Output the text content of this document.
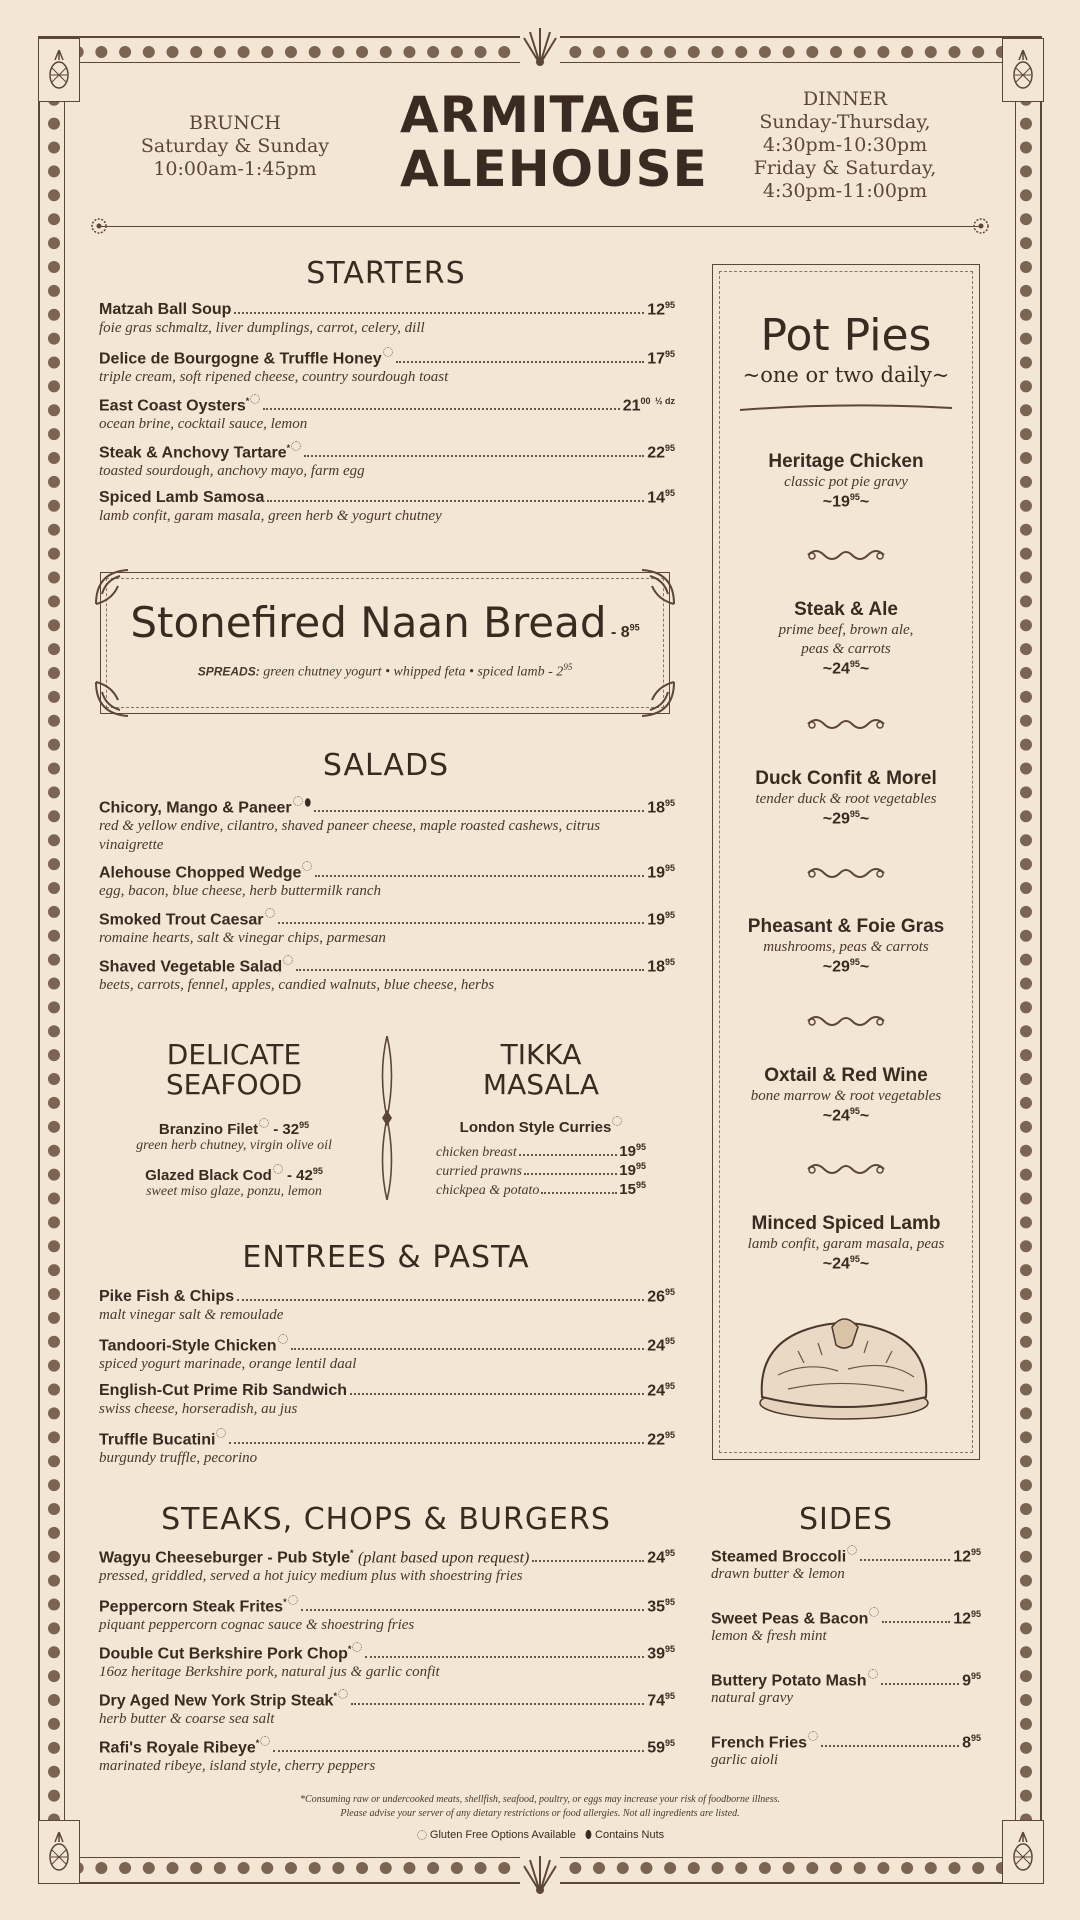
BRUNCH
Saturday & Sunday
10:00am-1:45pm
ARMITAGE
ALEHOUSE
DINNER
Sunday-Thursday,
4:30pm-10:30pm
Friday & Saturday,
4:30pm-11:00pm
STARTERS
Matzah Ball Soup	$12^{95}$
foie gras schmaltz, liver dumplings, carrot, celery, dill
Delice de Bourgogne & Truffle Honey	$17^{95}$
triple cream, soft ripened cheese, country sourdough toast
East Coast Oysters*	$21^{00}$ $^{\frac{1}{2} dz}$
ocean brine, cocktail sauce, lemon
Steak & Anchovy Tartare*	$22^{95}$
toasted sourdough, anchovy mayo, farm egg
Spiced Lamb Samosa	$14^{95}$
lamb confit, garam masala, green herb & yogurt chutney
Stonefired Naan Bread - $8^{95}$
SPREADS: green chutney yogurt • whipped feta • spiced lamb - $2^{95}$
SALADS
Chicory, Mango & Paneer ⬮	$18^{95}$
red & yellow endive, cilantro, shaved paneer cheese, maple roasted cashews, citrus vinaigrette
Alehouse Chopped Wedge	$19^{95}$
egg, bacon, blue cheese, herb buttermilk ranch
Smoked Trout Caesar	$19^{95}$
romaine hearts, salt & vinegar chips, parmesan
Shaved Vegetable Salad	$18^{95}$
beets, carrots, fennel, apples, candied walnuts, blue cheese, herbs
DELICATE
SEAFOOD
Branzino Filet - $32^{95}$
green herb chutney, virgin olive oil
Glazed Black Cod - $42^{95}$
sweet miso glaze, ponzu, lemon
TIKKA
MASALA
London Style Curries
chicken breast	$19^{95}$
curried prawns	$19^{95}$
chickpea & potato	$15^{95}$
ENTREES & PASTA
Pike Fish & Chips	$26^{95}$
malt vinegar salt & remoulade
Tandoori-Style Chicken	$24^{95}$
spiced yogurt marinade, orange lentil daal
English-Cut Prime Rib Sandwich	$24^{95}$
swiss cheese, horseradish, au jus
Truffle Bucatini	$22^{95}$
burgundy truffle, pecorino
STEAKS, CHOPS & BURGERS
Wagyu Cheeseburger - Pub Style* (plant based upon request)	$24^{95}$
pressed, griddled, served a hot juicy medium plus with shoestring fries
Peppercorn Steak Frites*	$35^{95}$
piquant peppercorn cognac sauce & shoestring fries
Double Cut Berkshire Pork Chop*	$39^{95}$
16oz heritage Berkshire pork, natural jus & garlic confit
Dry Aged New York Strip Steak*	$74^{95}$
herb butter & coarse sea salt
Rafi's Royale Ribeye*	$59^{95}$
marinated ribeye, island style, cherry peppers
Pot Pies
~one or two daily~
Heritage Chicken
classic pot pie gravy
$\sim 19^{95}\sim$
Steak & Ale
prime beef, brown ale,
peas & carrots
$\sim 24^{95}\sim$
Duck Confit & Morel
tender duck & root vegetables
$\sim 29^{95}\sim$
Pheasant & Foie Gras
mushrooms, peas & carrots
$\sim 29^{95}\sim$
Oxtail & Red Wine
bone marrow & root vegetables
$\sim 24^{95}\sim$
Minced Spiced Lamb
lamb confit, garam masala, peas
$\sim 24^{95}\sim$
SIDES
Steamed Broccoli	$12^{95}$
drawn butter & lemon
Sweet Peas & Bacon	$12^{95}$
lemon & fresh mint
Buttery Potato Mash	$9^{95}$
natural gravy
French Fries	$8^{95}$
garlic aioli
*Consuming raw or undercooked meats, shellfish, seafood, poultry, or eggs may increase your risk of foodborne illness.
Please advise your server of any dietary restrictions or food allergies. Not all ingredients are listed.
Gluten Free Options Available ⬮ Contains Nuts
